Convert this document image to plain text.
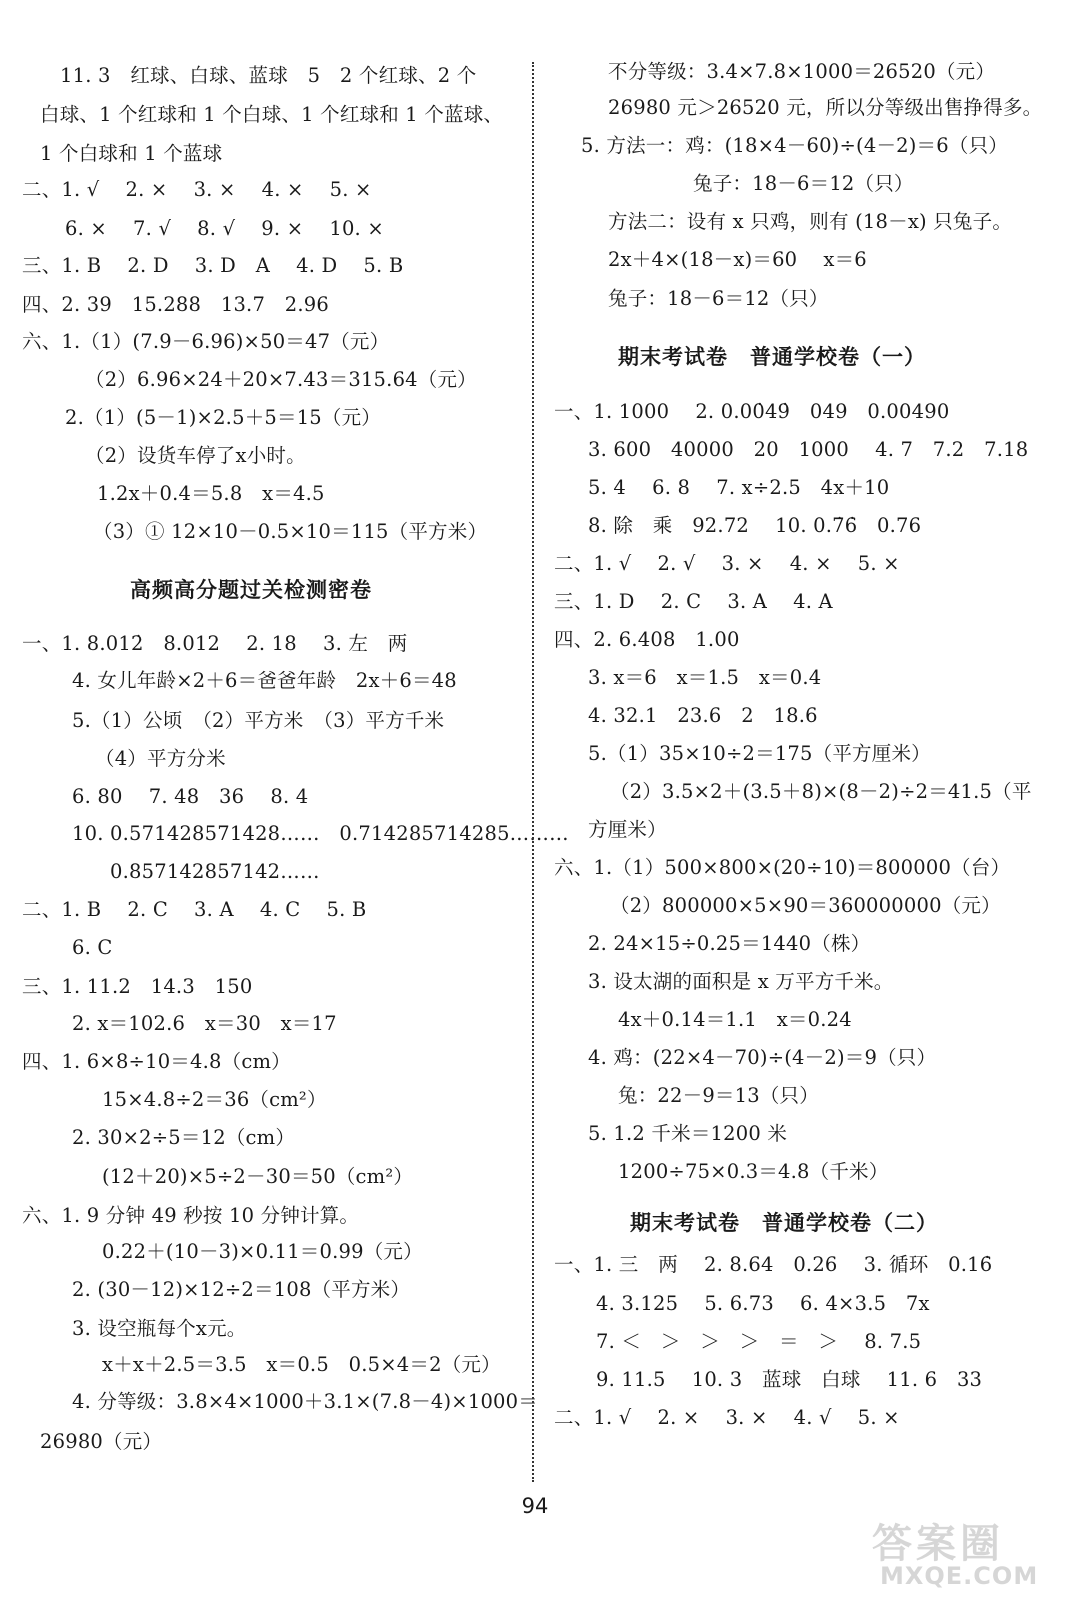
11. 3　红球、白球、蓝球　5　2 个红球、2 个
白球、1 个红球和 1 个白球、1 个红球和 1 个蓝球、
1 个白球和 1 个蓝球
二、1. √　 2. ×　 3. ×　 4. ×　 5. ×
6. ×　 7. √　 8. √　 9. ×　 10. ×
三、1. B　 2. D　 3. D　A　 4. D　 5. B
四、2. 39　15.288　13.7　2.96
六、1.（1）(7.9－6.96)×50＝47（元）
（2）6.96×24＋20×7.43＝315.64（元）
2.（1）(5－1)×2.5＋5＝15（元）
（2）设货车停了x小时。
1.2x＋0.4＝5.8　x＝4.5
（3）① 12×10－0.5×10＝115（平方米）
高频高分题过关检测密卷
一、1. 8.012̇　8.012　 2. 18　 3. 左　两
4. 女儿年龄×2＋6＝爸爸年龄　2x＋6＝48
5.（1）公顷　（2）平方米　（3）平方千米
（4）平方分米
6. 80　 7. 48　36　 8. 4
10. 0.571428571428……　0.714285714285………
0.857142857142……
二、1. B　 2. C　 3. A　 4. C　 5. B
6. C
三、1. 11.2　14.3　150
2. x＝102.6　x＝30　x＝17
四、1. 6×8÷10＝4.8（cm）
15×4.8÷2＝36（cm²）
2. 30×2÷5＝12（cm）
(12＋20)×5÷2－30＝50（cm²）
六、1. 9 分钟 49 秒按 10 分钟计算。
0.22＋(10－3)×0.11＝0.99（元）
2. (30－12)×12÷2＝108（平方米）
3. 设空瓶每个x元。
x＋x＋2.5＝3.5　x＝0.5　0.5×4＝2（元）
4. 分等级：3.8×4×1000＋3.1×(7.8－4)×1000＝
26980（元）
不分等级：3.4×7.8×1000＝26520（元）
26980 元＞26520 元，所以分等级出售挣得多。
5. 方法一：鸡：(18×4－60)÷(4－2)＝6（只）
兔子：18－6＝12（只）
方法二：设有 x 只鸡，则有 (18－x) 只兔子。
2x＋4×(18－x)＝60　 x＝6
兔子：18－6＝12（只）
期末考试卷　普通学校卷（一）
一、1. 1000　 2. 0.00̇49̇　049　0.00490
3. 600　40000　20　1000　 4. 7　7.2　7.18
5. 4　 6. 8　 7. x÷2.5　4x＋10
8. 除　乘　92.72　 10. 0.7̇6̇　0.76
二、1. √　 2. √　 3. ×　 4. ×　 5. ×
三、1. D　 2. C　 3. A　 4. A
四、2. 6.408　1.00
3. x＝6　x＝1.5　x＝0.4
4. 32.1　23.6　2　18.6
5.（1）35×10÷2＝175（平方厘米）
（2）3.5×2＋(3.5＋8)×(8－2)÷2＝41.5（平
方厘米）
六、1.（1）500×800×(20÷10)＝800000（台）
（2）800000×5×90＝360000000（元）
2. 24×15÷0.25＝1440（株）
3. 设太湖的面积是 x 万平方千米。
4x＋0.14＝1.1　x＝0.24
4. 鸡：(22×4－70)÷(4－2)＝9（只）
兔：22－9＝13（只）
5. 1.2 千米＝1200 米
1200÷75×0.3＝4.8（千米）
期末考试卷　普通学校卷（二）
一、1. 三　两　 2. 8.64　0.26　 3. 循环　0.16̇
4. 3.125　 5. 6.73　 6. 4×3.5　7x
7. ＜　＞　＞　＞　＝　＞　 8. 7.5
9. 11.5　 10. 3　蓝球　白球　 11. 6　33
二、1. √　 2. ×　 3. ×　 4. √　 5. ×
94
答案圈
MXQE.COM
